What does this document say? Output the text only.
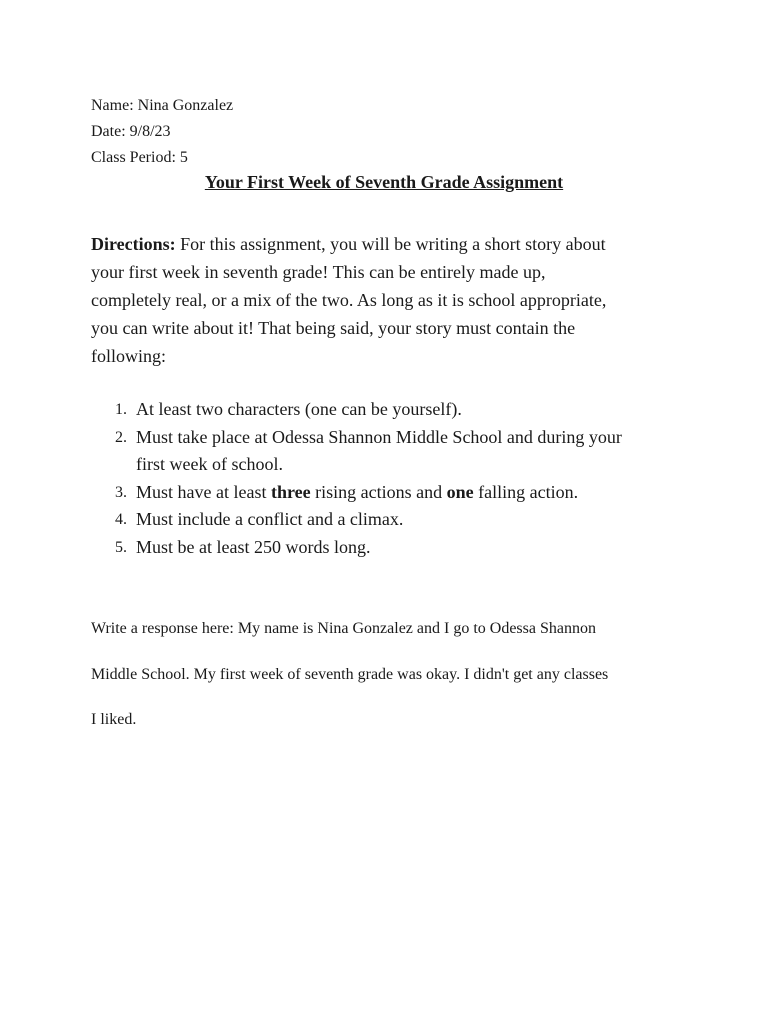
Name: Nina Gonzalez
Date: 9/8/23
Class Period: 5
Your First Week of Seventh Grade Assignment
Directions: For this assignment, you will be writing a short story about
your first week in seventh grade! This can be entirely made up,
completely real, or a mix of the two. As long as it is school appropriate,
you can write about it! That being said, your story must contain the
following:
1. At least two characters (one can be yourself).
2. Must take place at Odessa Shannon Middle School and during your
first week of school.
3. Must have at least three rising actions and one falling action.
4. Must include a conflict and a climax.
5. Must be at least 250 words long.
Write a response here: My name is Nina Gonzalez and I go to Odessa Shannon
Middle School. My first week of seventh grade was okay. I didn't get any classes
I liked.
